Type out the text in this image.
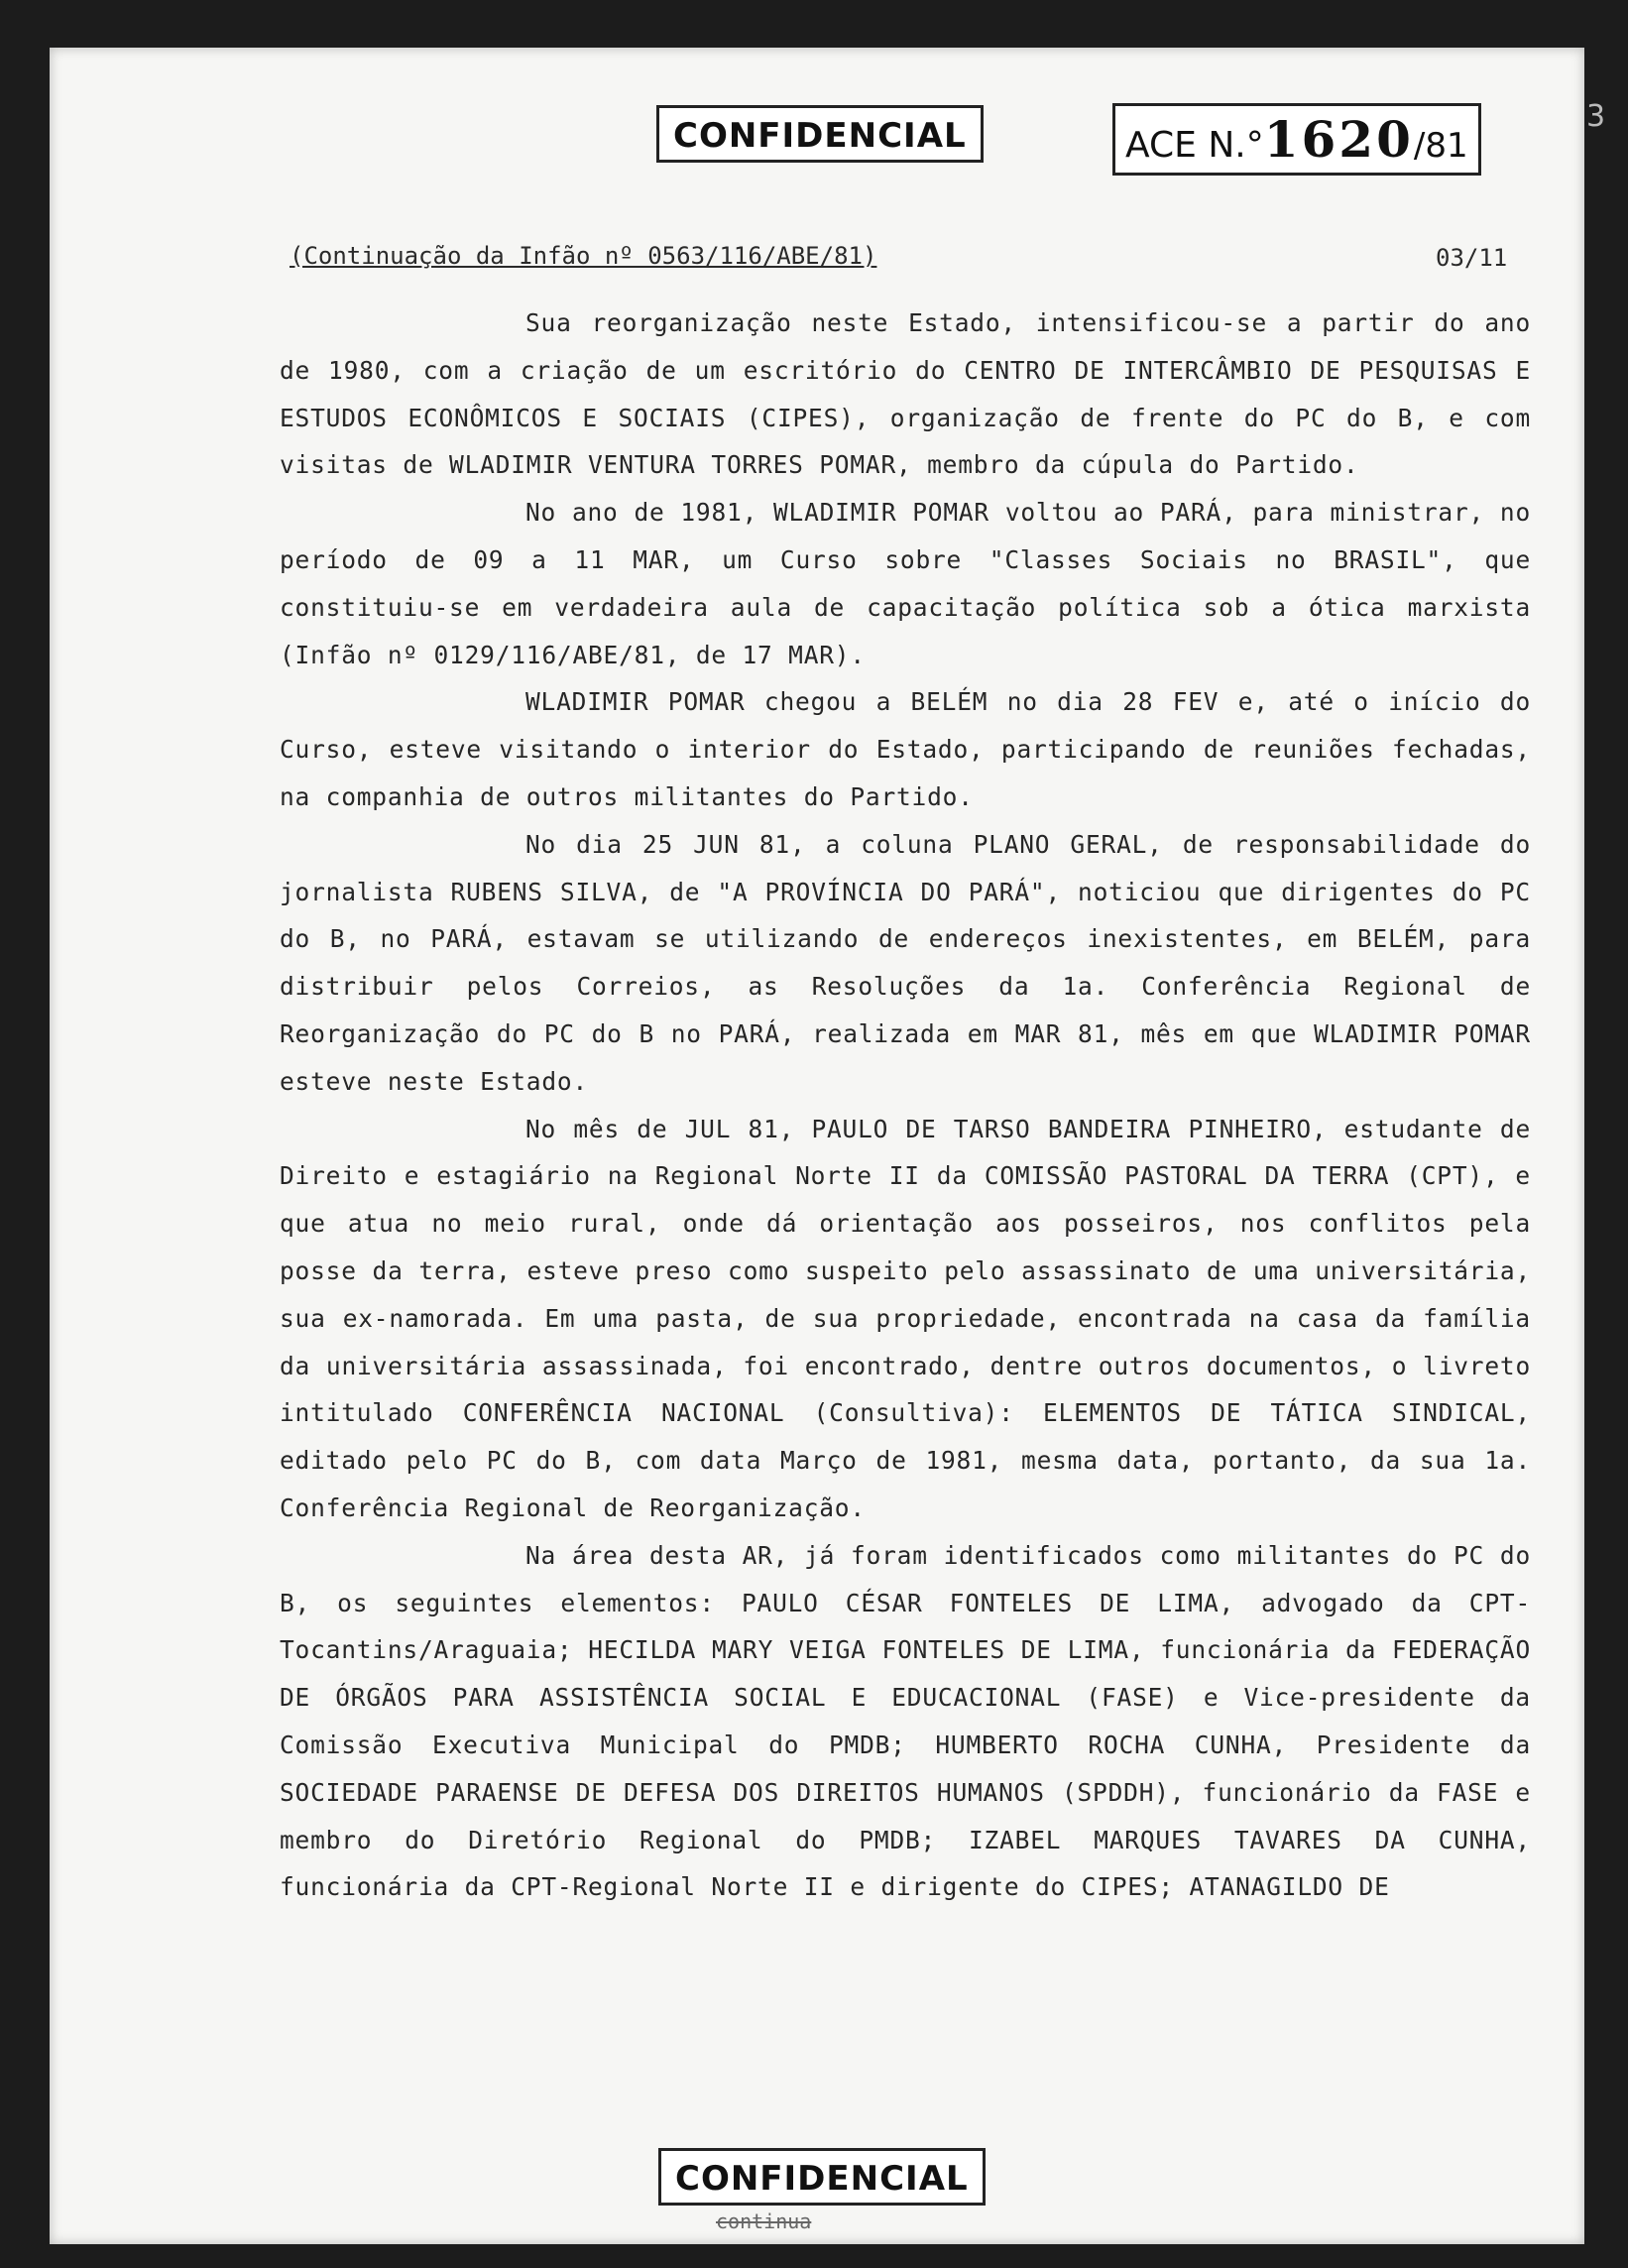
CONFIDENCIAL	ACE N.°1620/81
3
(Continuação da Infão nº 0563/116/ABE/81)	03/11

Sua reorganização neste Estado, intensificou-se a partir do ano de 1980, com a criação de um escritório do CENTRO DE INTERCÂMBIO DE PESQUISAS E ESTUDOS ECONÔMICOS E SOCIAIS (CIPES), organização de frente do PC do B, e com visitas de WLADIMIR VENTURA TORRES POMAR, membro da cúpula do Partido.

No ano de 1981, WLADIMIR POMAR voltou ao PARÁ, para ministrar, no período de 09 a 11 MAR, um Curso sobre "Classes Sociais no BRASIL", que constituiu-se em verdadeira aula de capacitação política sob a ótica marxista (Infão nº 0129/116/ABE/81, de 17 MAR).

WLADIMIR POMAR chegou a BELÉM no dia 28 FEV e, até o início do Curso, esteve visitando o interior do Estado, participando de reuniões fechadas, na companhia de outros militantes do Partido.

No dia 25 JUN 81, a coluna PLANO GERAL, de responsabilidade do jornalista RUBENS SILVA, de "A PROVÍNCIA DO PARÁ", noticiou que dirigentes do PC do B, no PARÁ, estavam se utilizando de endereços inexistentes, em BELÉM, para distribuir pelos Correios, as Resoluções da 1a. Conferência Regional de Reorganização do PC do B no PARÁ, realizada em MAR 81, mês em que WLADIMIR POMAR esteve neste Estado.

No mês de JUL 81, PAULO DE TARSO BANDEIRA PINHEIRO, estudante de Direito e estagiário na Regional Norte II da COMISSÃO PASTORAL DA TERRA (CPT), e que atua no meio rural, onde dá orientação aos posseiros, nos conflitos pela posse da terra, esteve preso como suspeito pelo assassinato de uma universitária, sua ex-namorada. Em uma pasta, de sua propriedade, encontrada na casa da família da universitária assassinada, foi encontrado, dentre outros documentos, o livreto intitulado CONFERÊNCIA NACIONAL (Consultiva): ELEMENTOS DE TÁTICA SINDICAL, editado pelo PC do B, com data Março de 1981, mesma data, portanto, da sua 1a. Conferência Regional de Reorganização.

Na área desta AR, já foram identificados como militantes do PC do B, os seguintes elementos: PAULO CÉSAR FONTELES DE LIMA, advogado da CPT-Tocantins/Araguaia; HECILDA MARY VEIGA FONTELES DE LIMA, funcionária da FEDERAÇÃO DE ÓRGÃOS PARA ASSISTÊNCIA SOCIAL E EDUCACIONAL (FASE) e Vice-presidente da Comissão Executiva Municipal do PMDB; HUMBERTO ROCHA CUNHA, Presidente da SOCIEDADE PARAENSE DE DEFESA DOS DIREITOS HUMANOS (SPDDH), funcionário da FASE e membro do Diretório Regional do PMDB; IZABEL MARQUES TAVARES DA CUNHA, funcionária da CPT-Regional Norte II e dirigente do CIPES; ATANAGILDO DE

CONFIDENCIAL
continua
